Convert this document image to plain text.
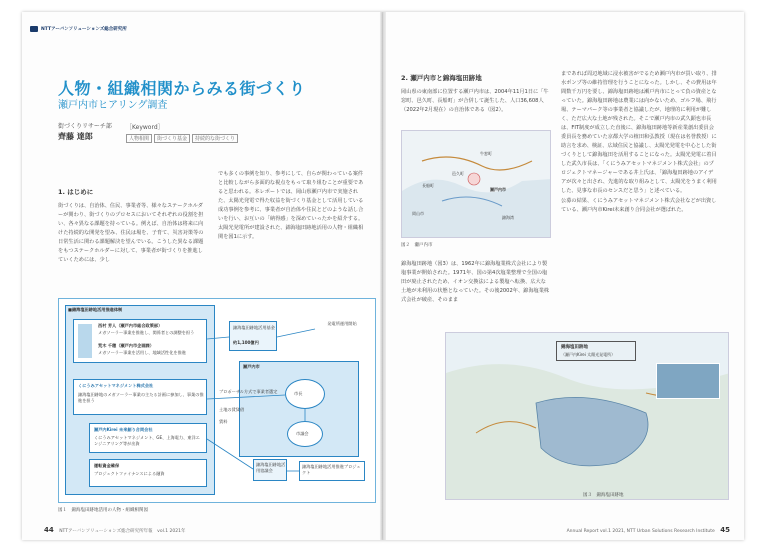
NTTアーバンソリューションズ総合研究所
人物・組織相関からみる街づくり
瀬戸内市ヒアリング調査
街づくりリサーチ部
齊藤 達郎
［Keyword］
人物相関	街づくり基金	持続的な街づくり
1. はじめに

街づくりは、自治体、住民、事業者等、様々なステークホルダーが関わり、街づくりのプロセスにおいてそれぞれの役割を担い、各々異なる課題を持っている。例えば、自治体は将来に向けた持続的な開発を望み、住民は場を、子育て、災害対策等の日常生活に関わる課題解決を望んでいる。こうした異なる課題をもつステークホルダーに対して、事業者が街づくりを推進していくためには、少し

でも多くの事例を知り、参考にして、自らが関わっている案件と比較しながら多面的な視点をもって取り組むことが重要であると思われる。本レポートでは、岡山県瀬戸内市で実施された、太陽光発電で得た収益を街づくり基金として活用している成功事例を参考に、事業者が自治体や住民とどのような話し合いを行い、お互いの「納得感」を深めていったかを紹介する。太陽光発電所が建設された、錦海塩田跡地活用の人物・組織相関を図1に示す。

■錦海塩田跡地活用推進体制
西村 芳人（瀬戸内市総合政策部）
メガソーラー事業を推進し、関係者との調整を担う
荒木 千穂（瀬戸内市企画課）
メガソーラー事業を活用し、地域活性化を推進
くにうみアセットマネジメント株式会社
錦海塩田跡地のメガソーラー事業の主たる計画に参加し、事業の推進を担う
瀬戸内Kirei 未来創り合同会社
くにうみアセットマネジメント、GE、上海電力、東洋エンジニアリング等が出資
運転資金確保
プロジェクトファイナンスによる融資
錦海塩田跡地活用基金
約1,100億円
発電所運用開始
瀬戸内市
市長
市議会
プロポーザル方式で事業者選定
土地の賃貸借
賃料
錦海塩田跡地活用協議会
錦海塩田跡地活用推進プロジェクト
図１　錦海塩田跡地活用の人物・組織相関図
44 NTTアーバンソリューションズ総合研究所年報　vol.1 2021年
2. 瀬戸内市と錦海塩田跡地

岡山県の東南部に位置する瀬戸内市は、2004年11月1日に「牛窓町、邑久町、長船町」が合併して誕生した、人口36,608人（2022年2月現在）の自治体である（図2）。

牛窓町
邑久町
長船町
瀬戸内市
岡山市
錦海湾
図２　瀬戸内市

錦海塩田跡地（図3）は、1962年に錦海塩業株式会社により製塩事業が開始された。1971年、国の第4次塩業整理で全国の塩田が廃止されたため、イオン交換法による製塩へ転換、広大な土地が未利用の状態となっていた。その後2002年、錦海塩業株式会社が破産、そのまま

まであれば周辺地域に浸水被害がでるため瀬戸内市が買い取り、排水ポンプ等の維持管理を行うことになった。しかし、その費用は年間数千万円を要し、錦海塩田跡地は瀬戸内市にとって負の資産となっていた。錦海塩田跡地は農業には向かないため、ゴルフ場、飛行場、テーマパーク等の事業者と協議したが、地理的に利用が難しく、ただ広大な土地が残された。そこで瀬戸内市の武久顕也市長は、FIT制度が成立した直後に、錦海塩田跡地等新産業創出委員会委員長を務めていた京都大学の植田和弘教授（現在は名誉教授）に助言を求め、検証、広域住民と協議し、太陽光発電を中心とした街づくりとして錦海塩田を活用することになった。太陽光発電に着目した武久市長は、「くにうみアセットマネジメント株式会社」のプロジェクトマネージャーである井上氏は、「錦海塩田跡地のアイデアが次々と出され、先進的な取り組みとして、太陽光をうまく利用した、見事な市長のセンスだと思う」と述べている。

公募の結果、くにうみアセットマネジメント株式会社などが出資している、瀬戸内市Kirei未来創り合同会社が選ばれた。

錦海塩田跡地
（瀬戸内Kirei 太陽光発電所）
図３　錦海塩田跡地
Annual Report vol.1 2021, NTT Urban Solutions Research Institute 45
